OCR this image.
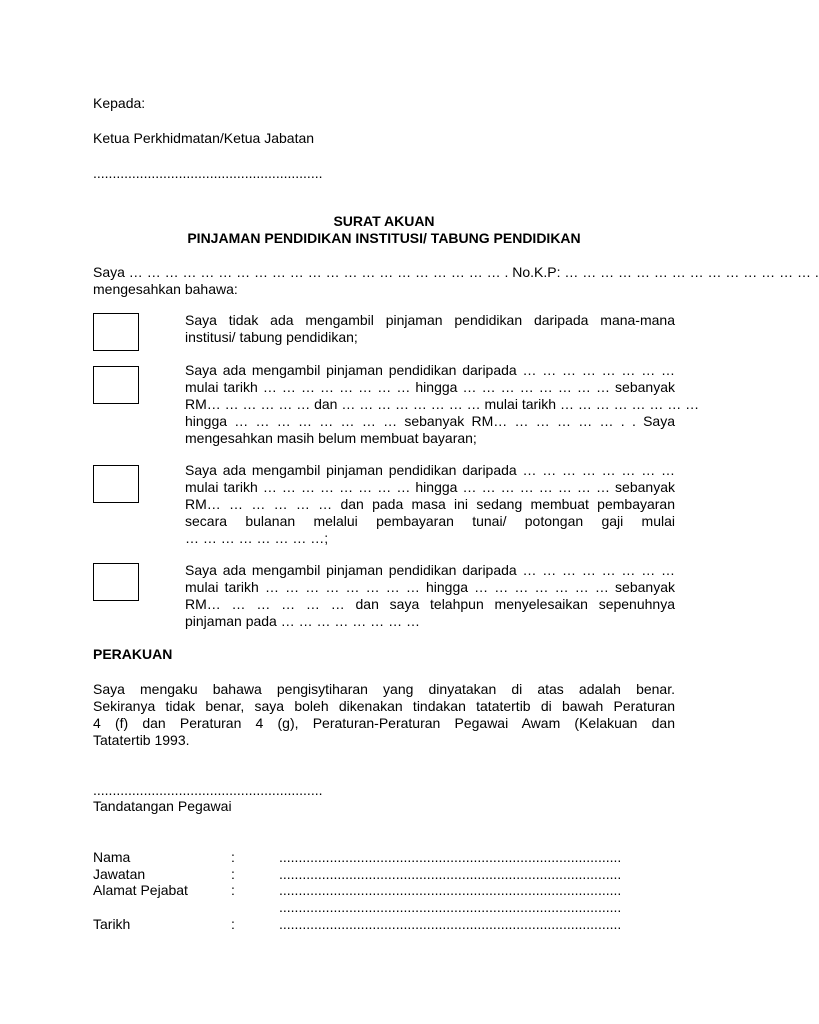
Kepada:
Ketua Perkhidmatan/Ketua Jabatan
...........................................................
SURAT AKUAN
PINJAMAN PENDIDIKAN INSTITUSI/ TABUNG PENDIDIKAN
Saya … … … … … … … … … … … … … … … … … … … … … . No.K.P: … … … … … … … … … … … … … … .
mengesahkan bahawa:
Saya tidak ada mengambil pinjaman pendidikan daripada mana-mana
institusi/ tabung pendidikan;
Saya ada mengambil pinjaman pendidikan daripada … … … … … … … …
mulai tarikh … … … … … … … … hingga … … … … … … … … sebanyak
RM… … … … … … dan … … … … … … … … mulai tarikh … … … … … … … …
hingga … … … … … … … … sebanyak RM… … … … … … . . Saya
mengesahkan masih belum membuat bayaran;
Saya ada mengambil pinjaman pendidikan daripada … … … … … … … …
mulai tarikh … … … … … … … … hingga … … … … … … … … sebanyak
RM… … … … … … dan pada masa ini sedang membuat pembayaran
secara bulanan melalui pembayaran tunai/ potongan gaji mulai
… … … … … … … …;
Saya ada mengambil pinjaman pendidikan daripada … … … … … … … …
mulai tarikh … … … … … … … … hingga … … … … … … … sebanyak
RM… … … … … … dan saya telahpun menyelesaikan sepenuhnya
pinjaman pada … … … … … … … …
PERAKUAN
Saya mengaku bahawa pengisytiharan yang dinyatakan di atas adalah benar.
Sekiranya tidak benar, saya boleh dikenakan tindakan tatatertib di bawah Peraturan
4 (f) dan Peraturan 4 (g), Peraturan-Peraturan Pegawai Awam (Kelakuan dan
Tatatertib 1993.
...........................................................
Tandatangan Pegawai
Nama	:	........................................................................................
Jawatan	:	........................................................................................
Alamat Pejabat	:	........................................................................................
........................................................................................
Tarikh	:	........................................................................................
